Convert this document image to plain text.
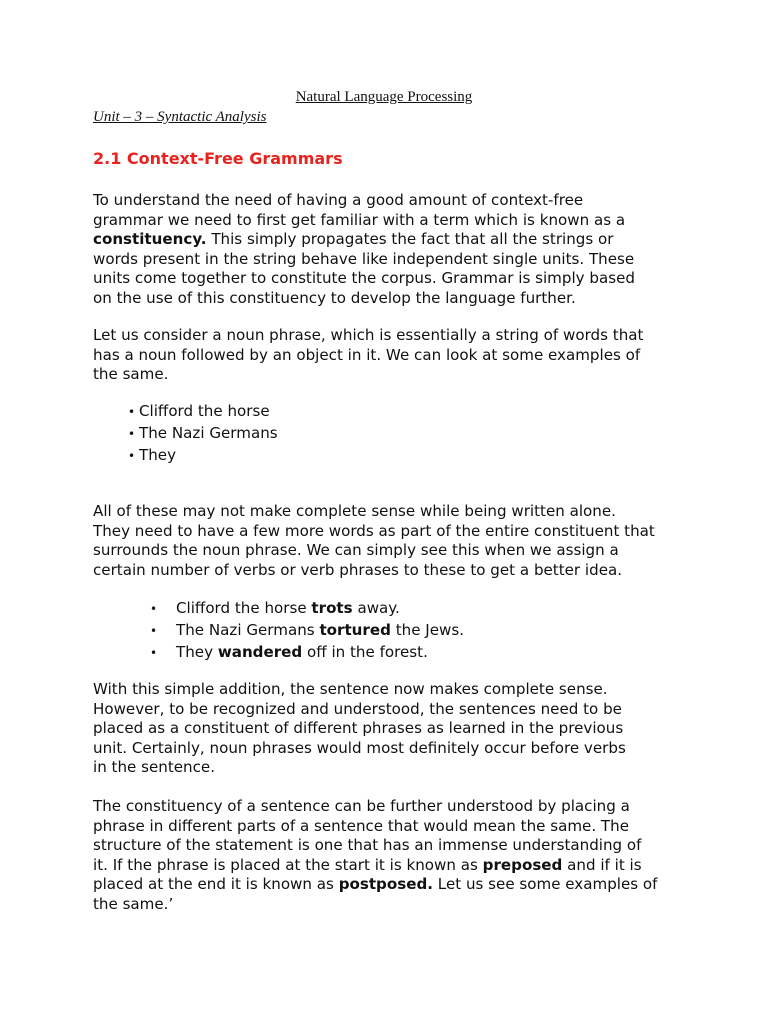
Natural Language Processing
Unit – 3 – Syntactic Analysis
2.1 Context-Free Grammars
To understand the need of having a good amount of context-free
grammar we need to first get familiar with a term which is known as a
constituency. This simply propagates the fact that all the strings or
words present in the string behave like independent single units. These
units come together to constitute the corpus. Grammar is simply based
on the use of this constituency to develop the language further.
Let us consider a noun phrase, which is essentially a string of words that
has a noun followed by an object in it. We can look at some examples of
the same.
• Clifford the horse
• The Nazi Germans
• They
All of these may not make complete sense while being written alone.
They need to have a few more words as part of the entire constituent that
surrounds the noun phrase. We can simply see this when we assign a
certain number of verbs or verb phrases to these to get a better idea.
• Clifford the horse trots away.
• The Nazi Germans tortured the Jews.
• They wandered off in the forest.
With this simple addition, the sentence now makes complete sense.
However, to be recognized and understood, the sentences need to be
placed as a constituent of different phrases as learned in the previous
unit. Certainly, noun phrases would most definitely occur before verbs
in the sentence.
The constituency of a sentence can be further understood by placing a
phrase in different parts of a sentence that would mean the same. The
structure of the statement is one that has an immense understanding of
it. If the phrase is placed at the start it is known as preposed and if it is
placed at the end it is known as postposed. Let us see some examples of
the same.’
